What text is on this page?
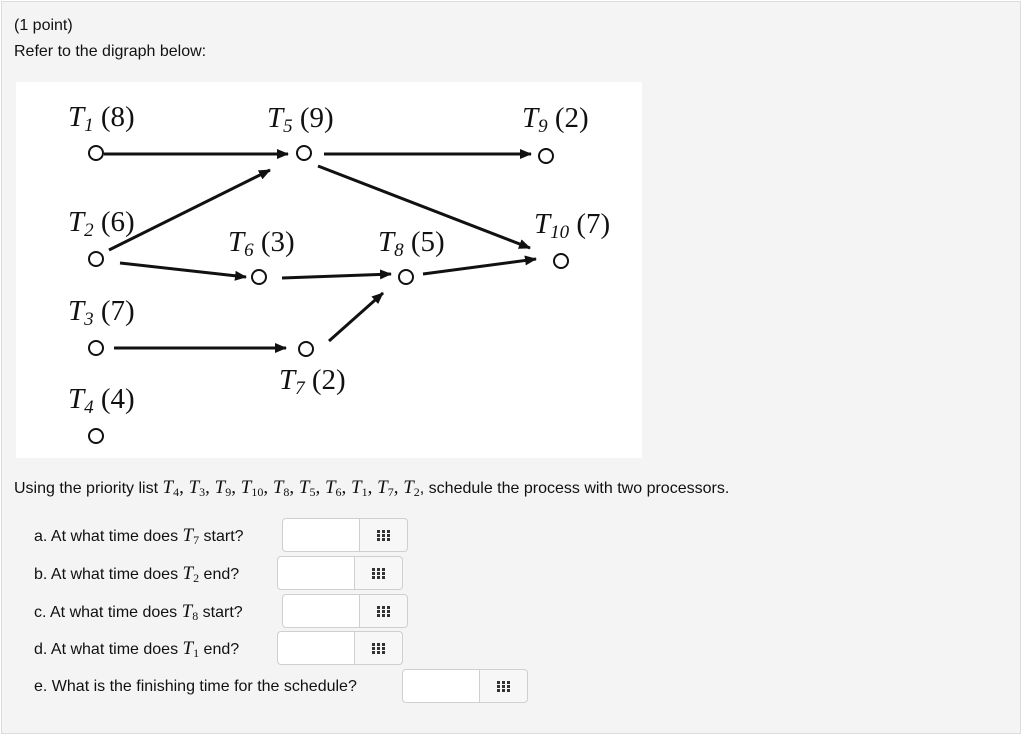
(1 point)
Refer to the digraph below:
$T_1$ (8)
$T_2$ (6)
$T_3$ (7)
$T_4$ (4)
$T_5$ (9)
$T_6$ (3)
$T_7$ (2)
$T_8$ (5)
$T_9$ (2)
$T_{10}$ (7)
Using the priority list $T_4$, $T_3$, $T_9$, $T_{10}$, $T_8$, $T_5$, $T_6$, $T_1$, $T_7$, $T_2$, schedule the process with two processors.
a. At what time does $T_7$ start?
b. At what time does $T_2$ end?
c. At what time does $T_8$ start?
d. At what time does $T_1$ end?
e. What is the finishing time for the schedule?
